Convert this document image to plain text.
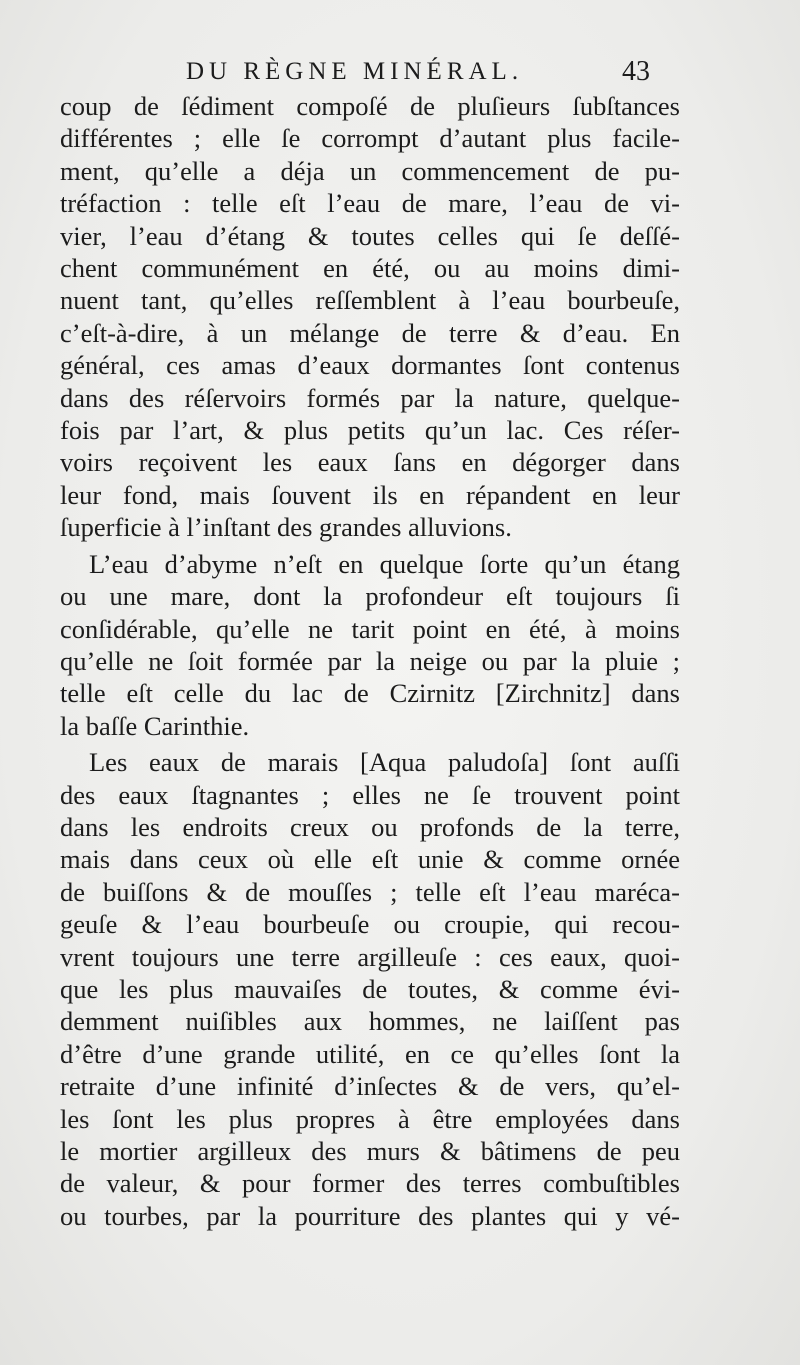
DU RÈGNE MINÉRAL.	43
coup de ſédiment compoſé de pluſieurs ſubſtances
différentes ; elle ſe corrompt d’autant plus facile-
ment, qu’elle a déja un commencement de pu-
tréfaction : telle eſt l’eau de mare, l’eau de vi-
vier, l’eau d’étang & toutes celles qui ſe deſſé-
chent communément en été, ou au moins dimi-
nuent tant, qu’elles reſſemblent à l’eau bourbeuſe,
c’eſt-à-dire, à un mélange de terre & d’eau. En
général, ces amas d’eaux dormantes ſont contenus
dans des réſervoirs formés par la nature, quelque-
fois par l’art, & plus petits qu’un lac. Ces réſer-
voirs reçoivent les eaux ſans en dégorger dans
leur fond, mais ſouvent ils en répandent en leur
ſuperficie à l’inſtant des grandes alluvions.
L’eau d’abyme n’eſt en quelque ſorte qu’un étang
ou une mare, dont la profondeur eſt toujours ſi
conſidérable, qu’elle ne tarit point en été, à moins
qu’elle ne ſoit formée par la neige ou par la pluie ;
telle eſt celle du lac de Czirnitz [Zirchnitz] dans
la baſſe Carinthie.
Les eaux de marais [Aqua paludoſa] ſont auſſi
des eaux ſtagnantes ; elles ne ſe trouvent point
dans les endroits creux ou profonds de la terre,
mais dans ceux où elle eſt unie & comme ornée
de buiſſons & de mouſſes ; telle eſt l’eau maréca-
geuſe & l’eau bourbeuſe ou croupie, qui recou-
vrent toujours une terre argilleuſe : ces eaux, quoi-
que les plus mauvaiſes de toutes, & comme évi-
demment nuiſibles aux hommes, ne laiſſent pas
d’être d’une grande utilité, en ce qu’elles ſont la
retraite d’une infinité d’inſectes & de vers, qu’el-
les ſont les plus propres à être employées dans
le mortier argilleux des murs & bâtimens de peu
de valeur, & pour former des terres combuſtibles
ou tourbes, par la pourriture des plantes qui y vé-
